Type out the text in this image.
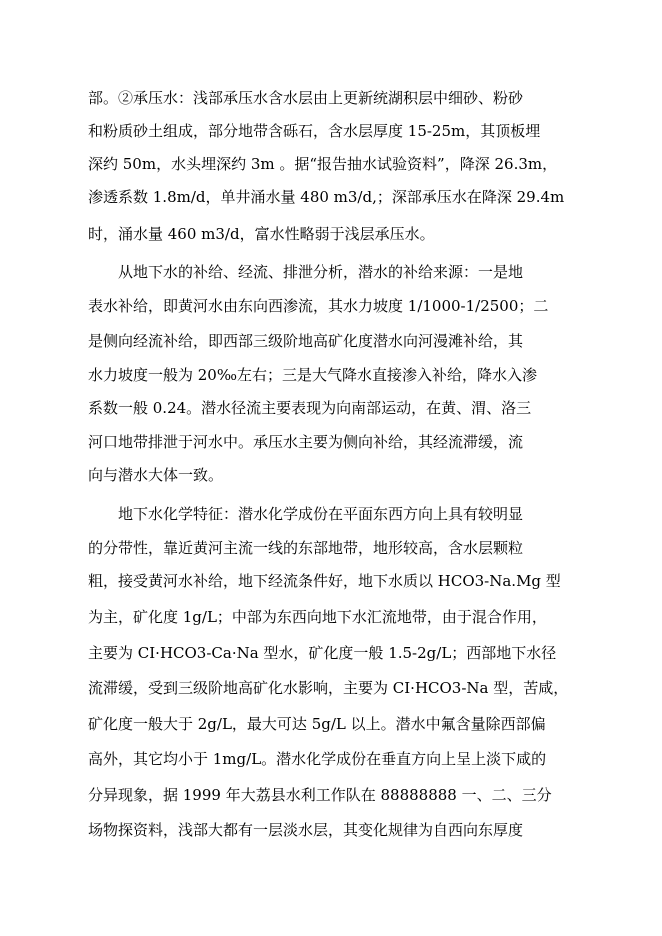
部。②承压水：浅部承压水含水层由上更新统湖积层中细砂、粉砂
和粉质砂土组成，部分地带含砾石，含水层厚度 15-25m，其顶板埋
深约 50m，水头埋深约 3m 。据“报告抽水试验资料”，降深 26.3m，
渗透系数 1.8m/d，单井涌水量 480 m3/d,；深部承压水在降深 29.4m
时，涌水量 460 m3/d，富水性略弱于浅层承压水。
从地下水的补给、经流、排泄分析，潜水的补给来源：一是地
表水补给，即黄河水由东向西渗流，其水力坡度 1/1000-1/2500；二
是侧向经流补给，即西部三级阶地高矿化度潜水向河漫滩补给，其
水力坡度一般为 20‰左右；三是大气降水直接渗入补给，降水入渗
系数一般 0.24。潜水径流主要表现为向南部运动，在黄、渭、洛三
河口地带排泄于河水中。承压水主要为侧向补给，其经流滞缓，流
向与潜水大体一致。
地下水化学特征：潜水化学成份在平面东西方向上具有较明显
的分带性，靠近黄河主流一线的东部地带，地形较高，含水层颗粒
粗，接受黄河水补给，地下经流条件好，地下水质以 HCO3-Na.Mg 型
为主，矿化度 1g/L；中部为东西向地下水汇流地带，由于混合作用，
主要为 CI·HCO3-Ca·Na 型水，矿化度一般 1.5-2g/L；西部地下水径
流滞缓，受到三级阶地高矿化水影响，主要为 CI·HCO3-Na 型，苦咸，
矿化度一般大于 2g/L，最大可达 5g/L 以上。潜水中氟含量除西部偏
高外，其它均小于 1mg/L。潜水化学成份在垂直方向上呈上淡下咸的
分异现象，据 1999 年大荔县水利工作队在 88888888 一、二、三分
场物探资料，浅部大都有一层淡水层，其变化规律为自西向东厚度
